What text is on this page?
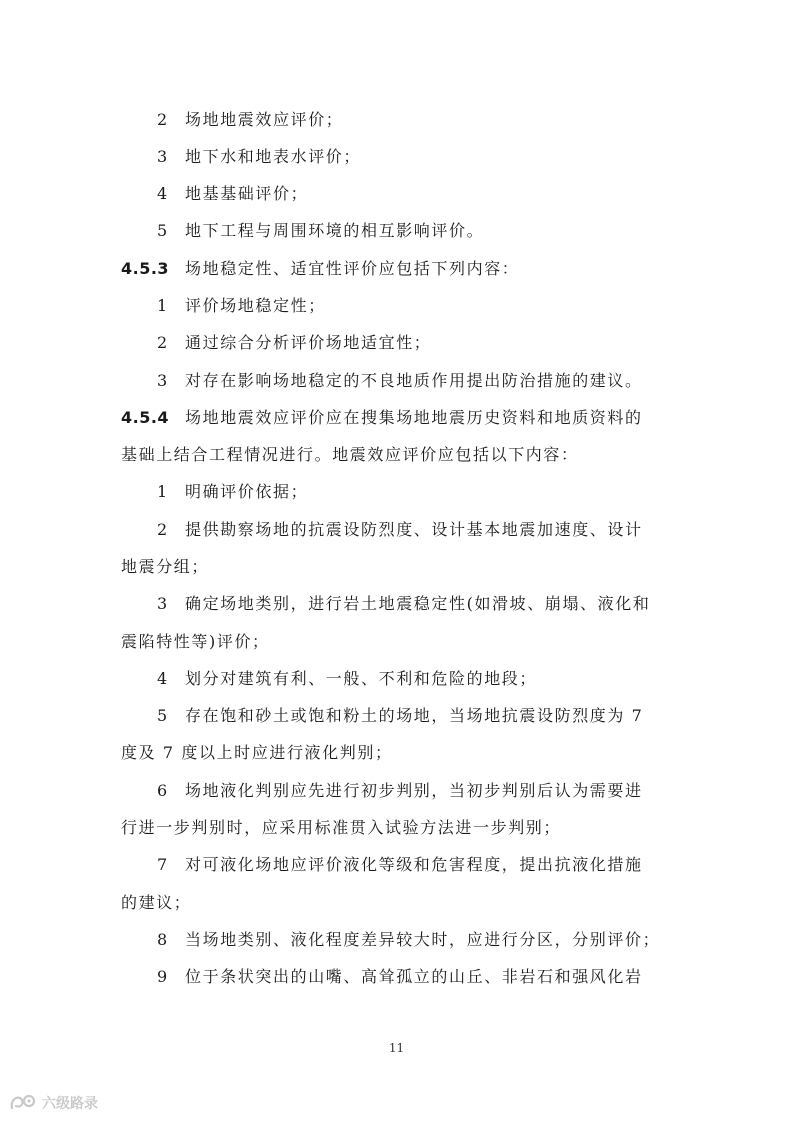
2 场地地震效应评价；
3 地下水和地表水评价；
4 地基基础评价；
5 地下工程与周围环境的相互影响评价。
4.5.3 场地稳定性、适宜性评价应包括下列内容：
1 评价场地稳定性；
2 通过综合分析评价场地适宜性；
3 对存在影响场地稳定的不良地质作用提出防治措施的建议。
4.5.4 场地地震效应评价应在搜集场地地震历史资料和地质资料的
基础上结合工程情况进行。地震效应评价应包括以下内容：
1 明确评价依据；
2 提供勘察场地的抗震设防烈度、设计基本地震加速度、设计
地震分组；
3 确定场地类别，进行岩土地震稳定性(如滑坡、崩塌、液化和
震陷特性等)评价；
4 划分对建筑有利、一般、不利和危险的地段；
5 存在饱和砂土或饱和粉土的场地，当场地抗震设防烈度为 7
度及 7 度以上时应进行液化判别；
6 场地液化判别应先进行初步判别，当初步判别后认为需要进
行进一步判别时，应采用标准贯入试验方法进一步判别；
7 对可液化场地应评价液化等级和危害程度，提出抗液化措施
的建议；
8 当场地类别、液化程度差异较大时，应进行分区，分别评价；
9 位于条状突出的山嘴、高耸孤立的山丘、非岩石和强风化岩
11
六级路录
